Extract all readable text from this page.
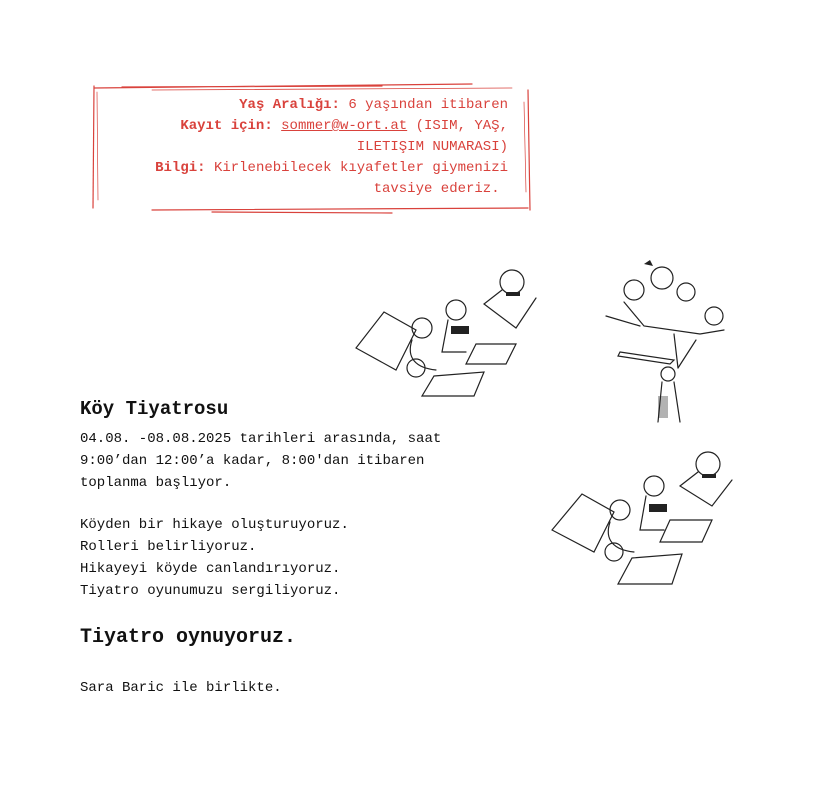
Yaş Aralığı: 6 yaşından itibaren
Kayıt için: sommer@w-ort.at (ISIM, YAŞ,
ILETIŞIM NUMARASI)
Bilgi: Kirlenebilecek kıyafetler giymenizi
tavsiye ederiz.
Köy Tiyatrosu
04.08. -08.08.2025 tarihleri arasında, saat
9:00’dan 12:00’a kadar, 8:00'dan itibaren
toplanma başlıyor.
Köyden bir hikaye oluşturuyoruz.
Rolleri belirliyoruz.
Hikayeyi köyde canlandırıyoruz.
Tiyatro oyunumuzu sergiliyoruz.
Tiyatro oynuyoruz.
Sara Baric ile birlikte.
